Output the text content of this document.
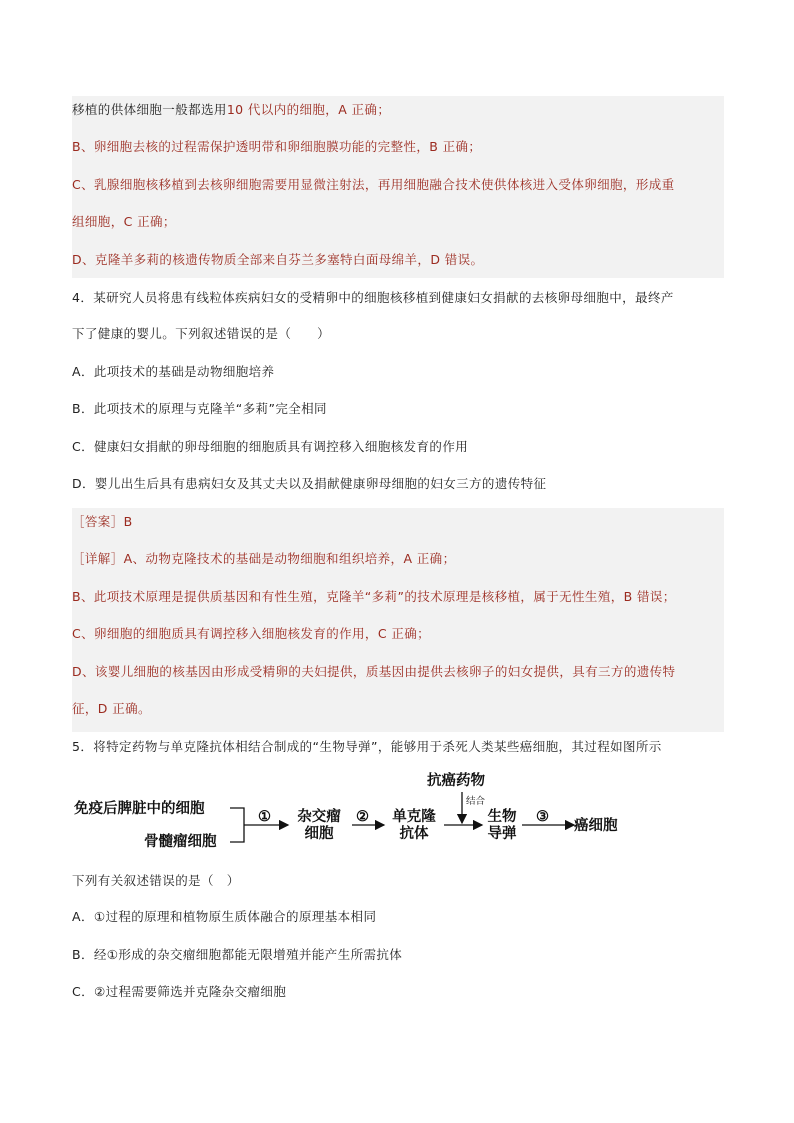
移植的供体细胞一般都选用10 代以内的细胞，A 正确；
B、卵细胞去核的过程需保护透明带和卵细胞膜功能的完整性，B 正确；
C、乳腺细胞核移植到去核卵细胞需要用显微注射法，再用细胞融合技术使供体核进入受体卵细胞，形成重
组细胞，C 正确；
D、克隆羊多莉的核遗传物质全部来自芬兰多塞特白面母绵羊，D 错误。
4．某研究人员将患有线粒体疾病妇女的受精卵中的细胞核移植到健康妇女捐献的去核卵母细胞中，最终产
下了健康的婴儿。下列叙述错误的是（　　）
A．此项技术的基础是动物细胞培养
B．此项技术的原理与克隆羊“多莉”完全相同
C．健康妇女捐献的卵母细胞的细胞质具有调控移入细胞核发育的作用
D．婴儿出生后具有患病妇女及其丈夫以及捐献健康卵母细胞的妇女三方的遗传特征
［答案］B
［详解］A、动物克隆技术的基础是动物细胞和组织培养，A 正确；
B、此项技术原理是提供质基因和有性生殖，克隆羊“多莉”的技术原理是核移植，属于无性生殖，B 错误；
C、卵细胞的细胞质具有调控移入细胞核发育的作用，C 正确；
D、该婴儿细胞的核基因由形成受精卵的夫妇提供，质基因由提供去核卵子的妇女提供，具有三方的遗传特
征，D 正确。
5．将特定药物与单克隆抗体相结合制成的“生物导弹”，能够用于杀死人类某些癌细胞，其过程如图所示
免疫后脾脏中的细胞
骨髓瘤细胞
①	杂交瘤
细胞
②	单克隆
抗体
抗癌药物
结合
生物
导弹
③
癌细胞
下列有关叙述错误的是（　）
A．①过程的原理和植物原生质体融合的原理基本相同
B．经①形成的杂交瘤细胞都能无限增殖并能产生所需抗体
C．②过程需要筛选并克隆杂交瘤细胞
